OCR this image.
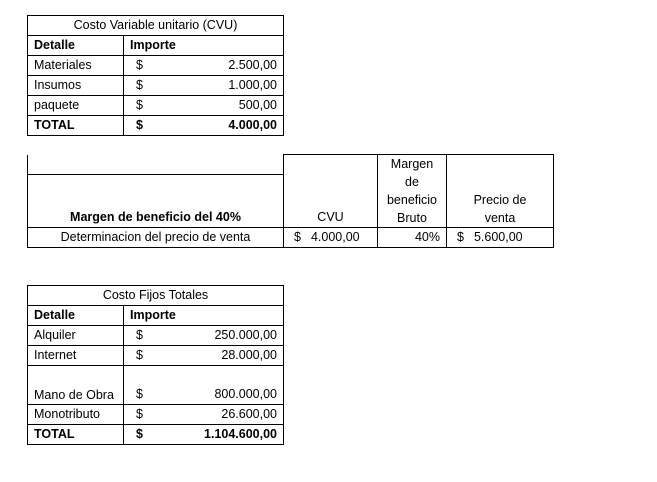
Costo Variable unitario (CVU)	
Detalle	Importe
Materiales	$ 2.500,00

Insumos	$ 1.000,00

paquete	$ 500,00

TOTAL	$ 4.000,00
Margen de beneficio del 40%	CVU	Margen de beneficio Bruto	Precio de venta
Determinacion del precio de venta	$ 4.000,00	40%	$ 5.600,00
Costo Fijos Totales	
Detalle	Importe
Alquiler	$ 250.000,00

Internet	$ 28.000,00

Mano de Obra	$ 800.000,00

Monotributo	$ 26.600,00

TOTAL	$ 1.104.600,00
